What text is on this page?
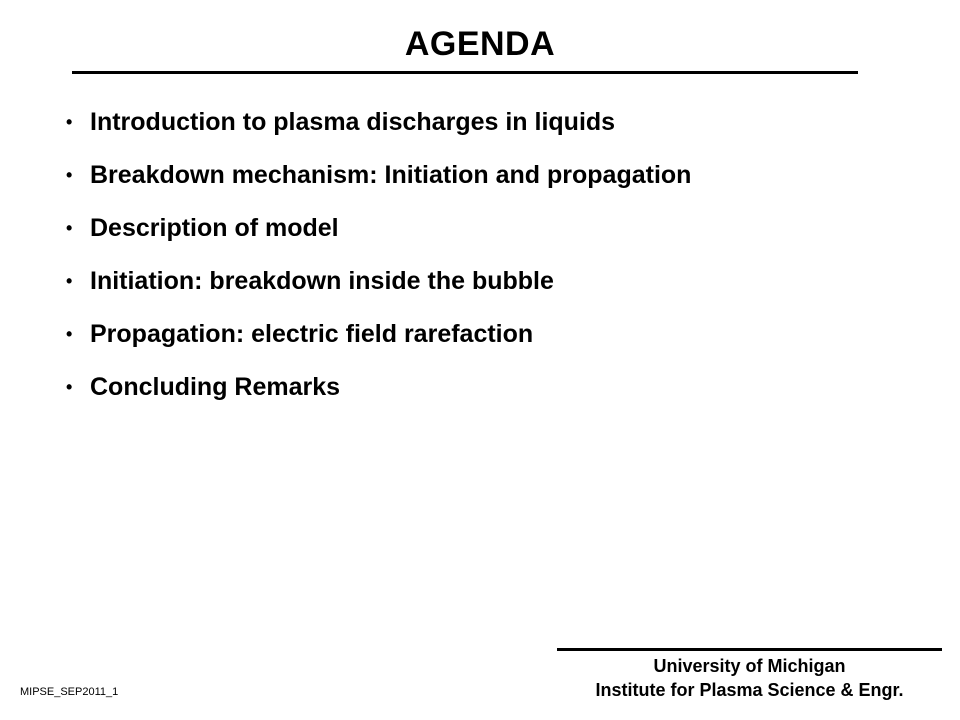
AGENDA
• Introduction to plasma discharges in liquids
• Breakdown mechanism: Initiation and propagation
• Description of model
• Initiation: breakdown inside the bubble
• Propagation: electric field rarefaction
• Concluding Remarks
University of Michigan
Institute for Plasma Science & Engr.
MIPSE_SEP2011_1
